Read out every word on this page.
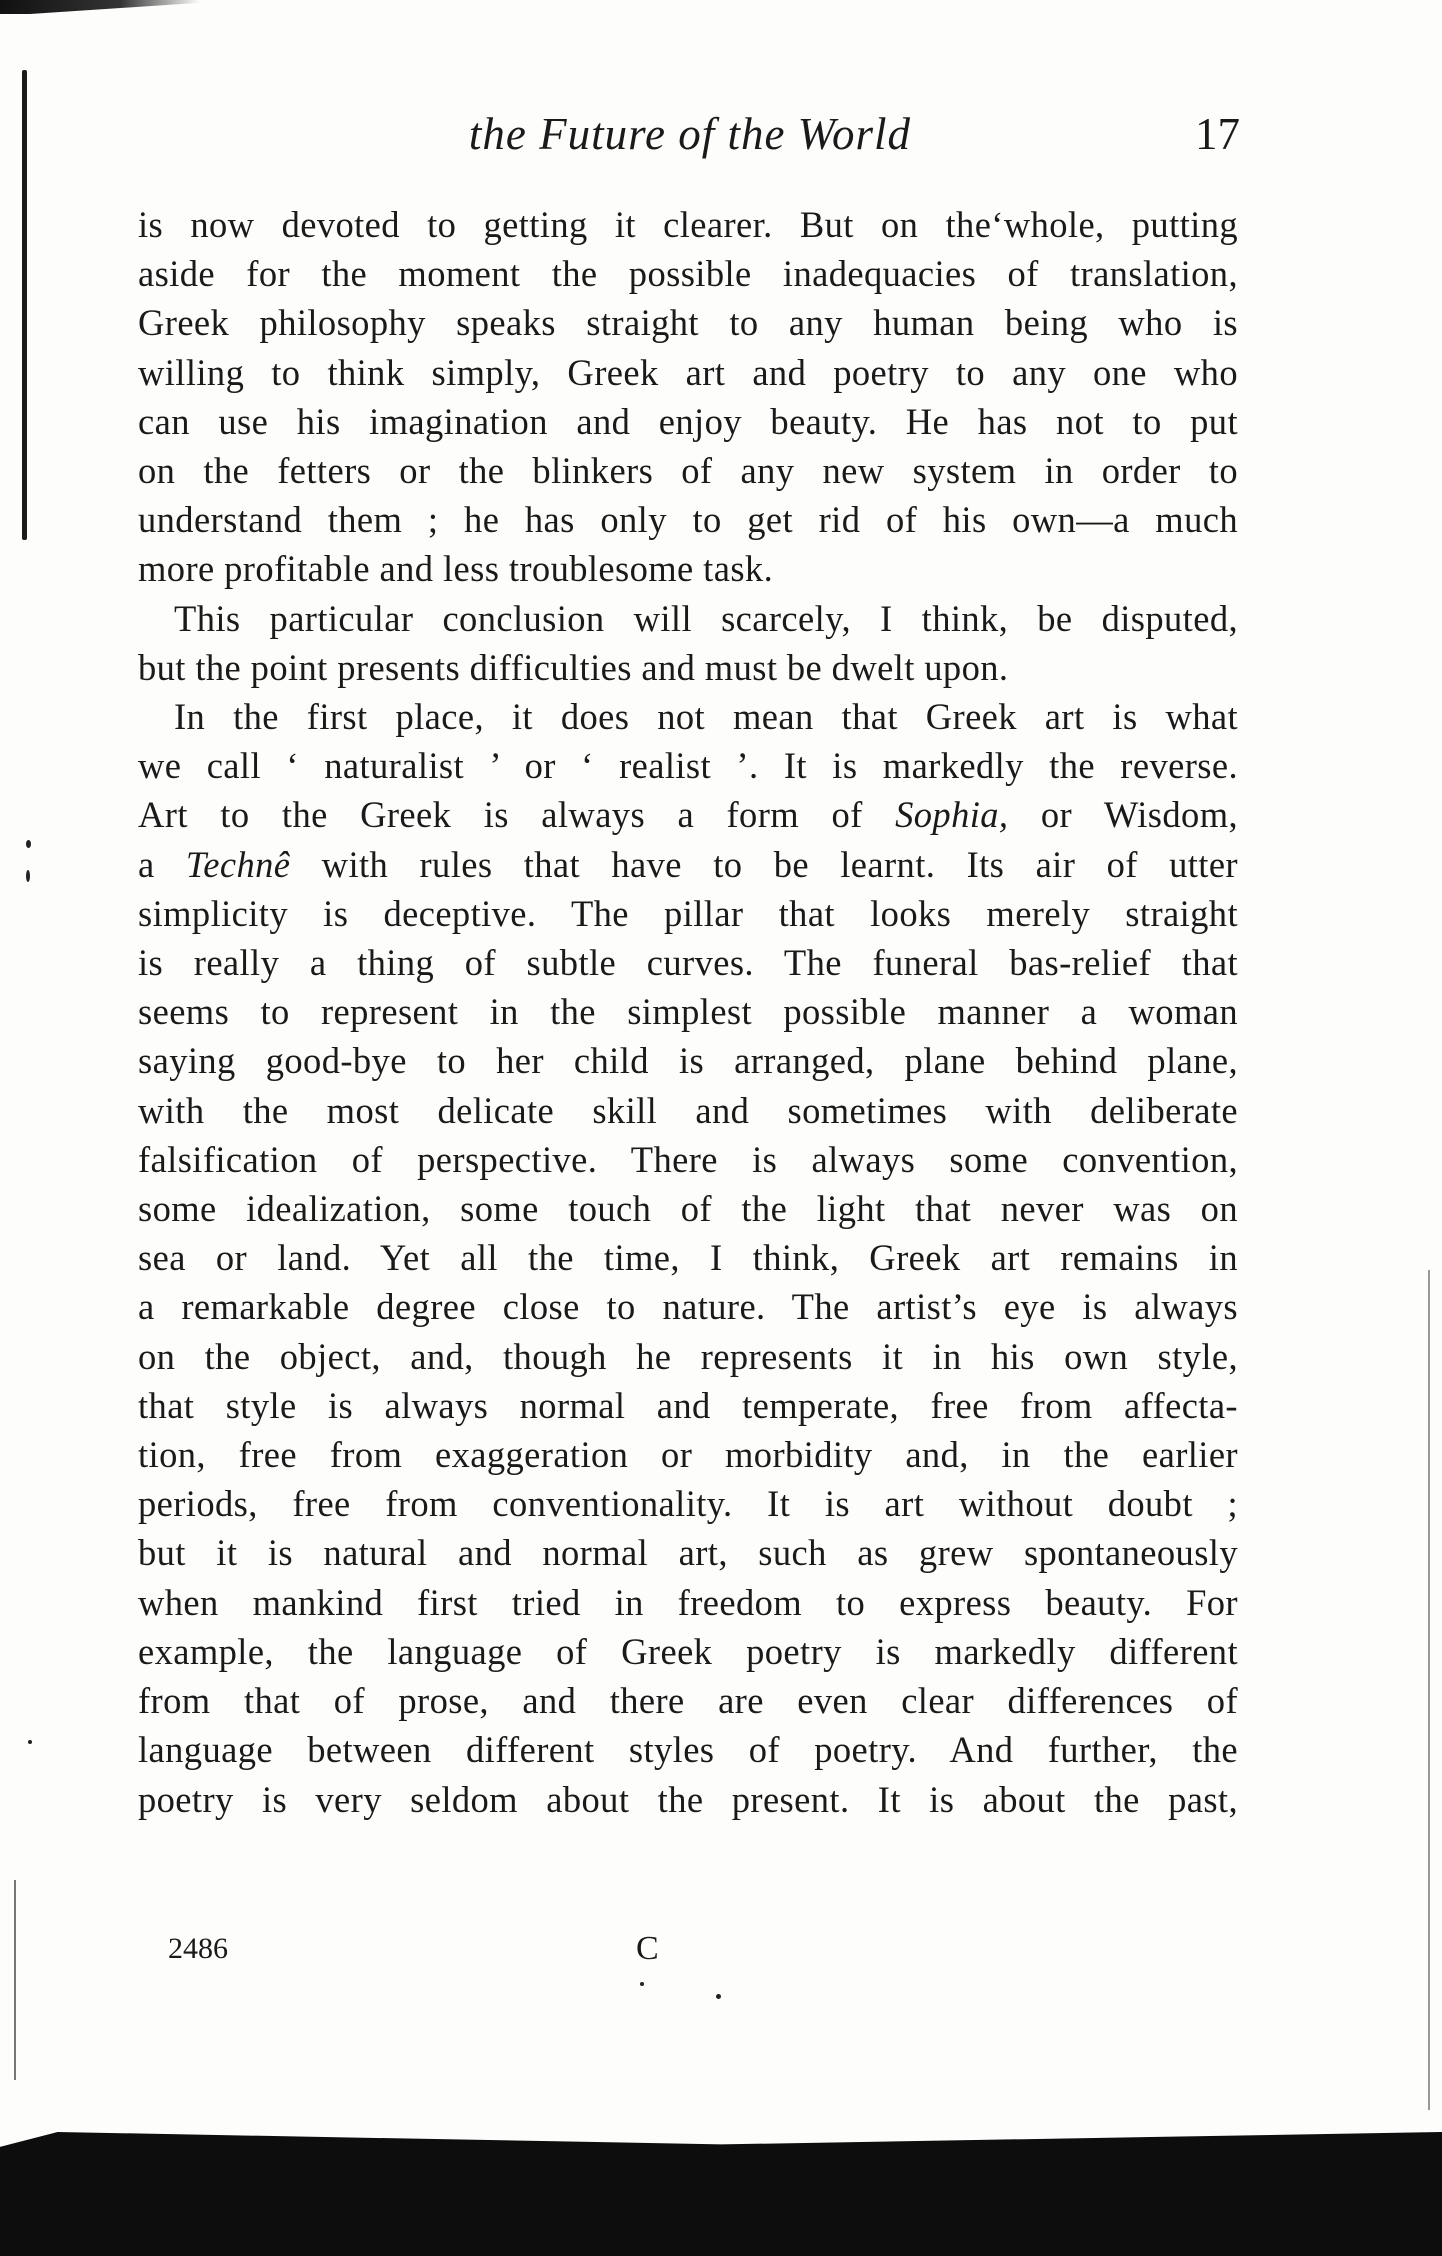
the Future of the World	17
is now devoted to getting it clearer. But on theʻwhole, putting
aside for the moment the possible inadequacies of translation,
Greek philosophy speaks straight to any human being who is
willing to think simply, Greek art and poetry to any one who
can use his imagination and enjoy beauty. He has not to put
on the fetters or the blinkers of any new system in order to
understand them ; he has only to get rid of his own—a much
more profitable and less troublesome task.
This particular conclusion will scarcely, I think, be disputed,
but the point presents difficulties and must be dwelt upon.
In the first place, it does not mean that Greek art is what
we call ‘ naturalist ’ or ‘ realist ’. It is markedly the reverse.
Art to the Greek is always a form of Sophia, or Wisdom,
a Technê with rules that have to be learnt. Its air of utter
simplicity is deceptive. The pillar that looks merely straight
is really a thing of subtle curves. The funeral bas-relief that
seems to represent in the simplest possible manner a woman
saying good-bye to her child is arranged, plane behind plane,
with the most delicate skill and sometimes with deliberate
falsification of perspective. There is always some convention,
some idealization, some touch of the light that never was on
sea or land. Yet all the time, I think, Greek art remains in
a remarkable degree close to nature. The artist’s eye is always
on the object, and, though he represents it in his own style,
that style is always normal and temperate, free from affecta-
tion, free from exaggeration or morbidity and, in the earlier
periods, free from conventionality. It is art without doubt ;
but it is natural and normal art, such as grew spontaneously
when mankind first tried in freedom to express beauty. For
example, the language of Greek poetry is markedly different
from that of prose, and there are even clear differences of
language between different styles of poetry. And further, the
poetry is very seldom about the present. It is about the past,
2486	C
